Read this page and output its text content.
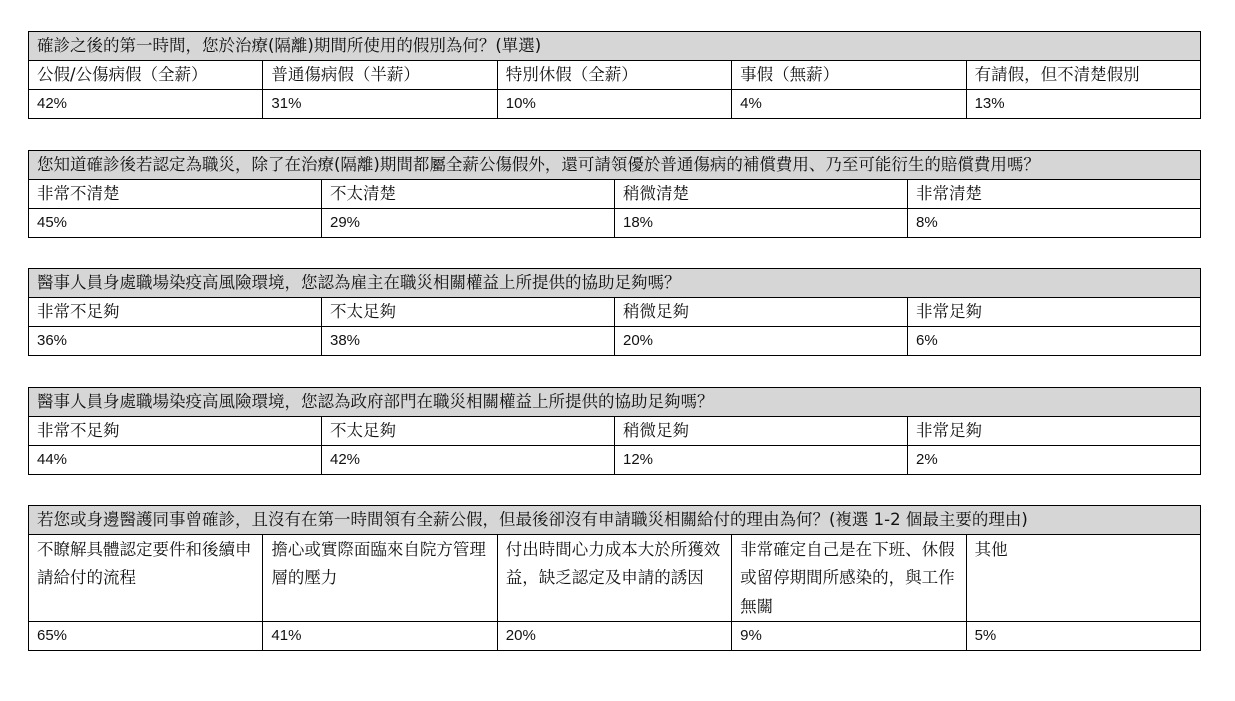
確診之後的第一時間，您於治療(隔離)期間所使用的假別為何？(單選)				
公假/公傷病假（全薪）	普通傷病假（半薪）	特別休假（全薪）	事假（無薪）	有請假，但不清楚假別
42%	31%	10%	4%	13%
您知道確診後若認定為職災，除了在治療(隔離)期間都屬全薪公傷假外，還可請領優於普通傷病的補償費用、乃至可能衍生的賠償費用嗎？			
非常不清楚	不太清楚	稍微清楚	非常清楚
45%	29%	18%	8%
醫事人員身處職場染疫高風險環境，您認為雇主在職災相關權益上所提供的協助足夠嗎？			
非常不足夠	不太足夠	稍微足夠	非常足夠
36%	38%	20%	6%
醫事人員身處職場染疫高風險環境，您認為政府部門在職災相關權益上所提供的協助足夠嗎？			
非常不足夠	不太足夠	稍微足夠	非常足夠
44%	42%	12%	2%
若您或身邊醫護同事曾確診，且沒有在第一時間領有全薪公假，但最後卻沒有申請職災相關給付的理由為何？(複選 1-2 個最主要的理由)				
不瞭解具體認定要件和後續申請給付的流程	擔心或實際面臨來自院方管理層的壓力	付出時間心力成本大於所獲效益，缺乏認定及申請的誘因	非常確定自己是在下班、休假或留停期間所感染的，與工作無關	其他
65%	41%	20%	9%	5%
